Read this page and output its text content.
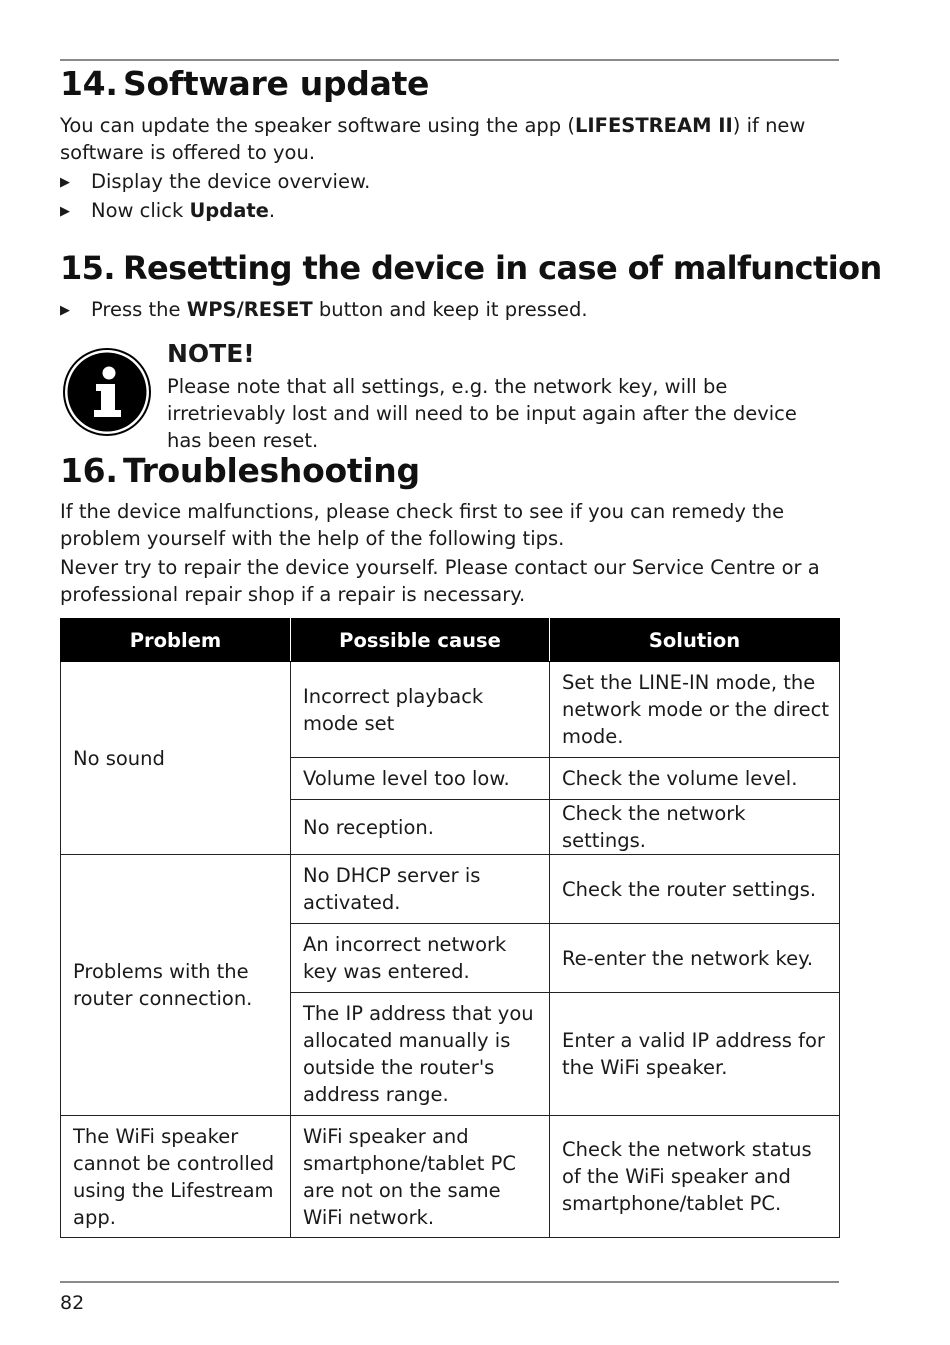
14. Software update

You can update the speaker software using the app (LIFESTREAM II) if new software is offered to you.

▶ Display the device overview.
▶ Now click Update.
15. Resetting the device in case of malfunction
▶ Press the WPS/RESET button and keep it pressed.
NOTE!

Please note that all settings, e.g. the network key, will be irretrievably lost and will need to be input again after the device has been reset.

16. Troubleshooting

If the device malfunctions, please check first to see if you can remedy the problem yourself with the help of the following tips.

Never try to repair the device yourself. Please contact our Service Centre or a professional repair shop if a repair is necessary.

Problem	Possible cause	Solution
No sound	Incorrect playback mode set	Set the LINE-IN mode, the network mode or the direct mode.
	Volume level too low.	Check the volume level.
	No reception.	Check the network settings.
Problems with the router connection.	No DHCP server is activated.	Check the router settings.
	An incorrect network key was entered.	Re-enter the network key.
	The IP address that you allocated manually is outside the router's address range.	Enter a valid IP address for the WiFi speaker.
The WiFi speaker cannot be controlled using the Lifestream app.	WiFi speaker and smartphone/tablet PC are not on the same WiFi network.	Check the network status of the WiFi speaker and smartphone/tablet PC.
82
